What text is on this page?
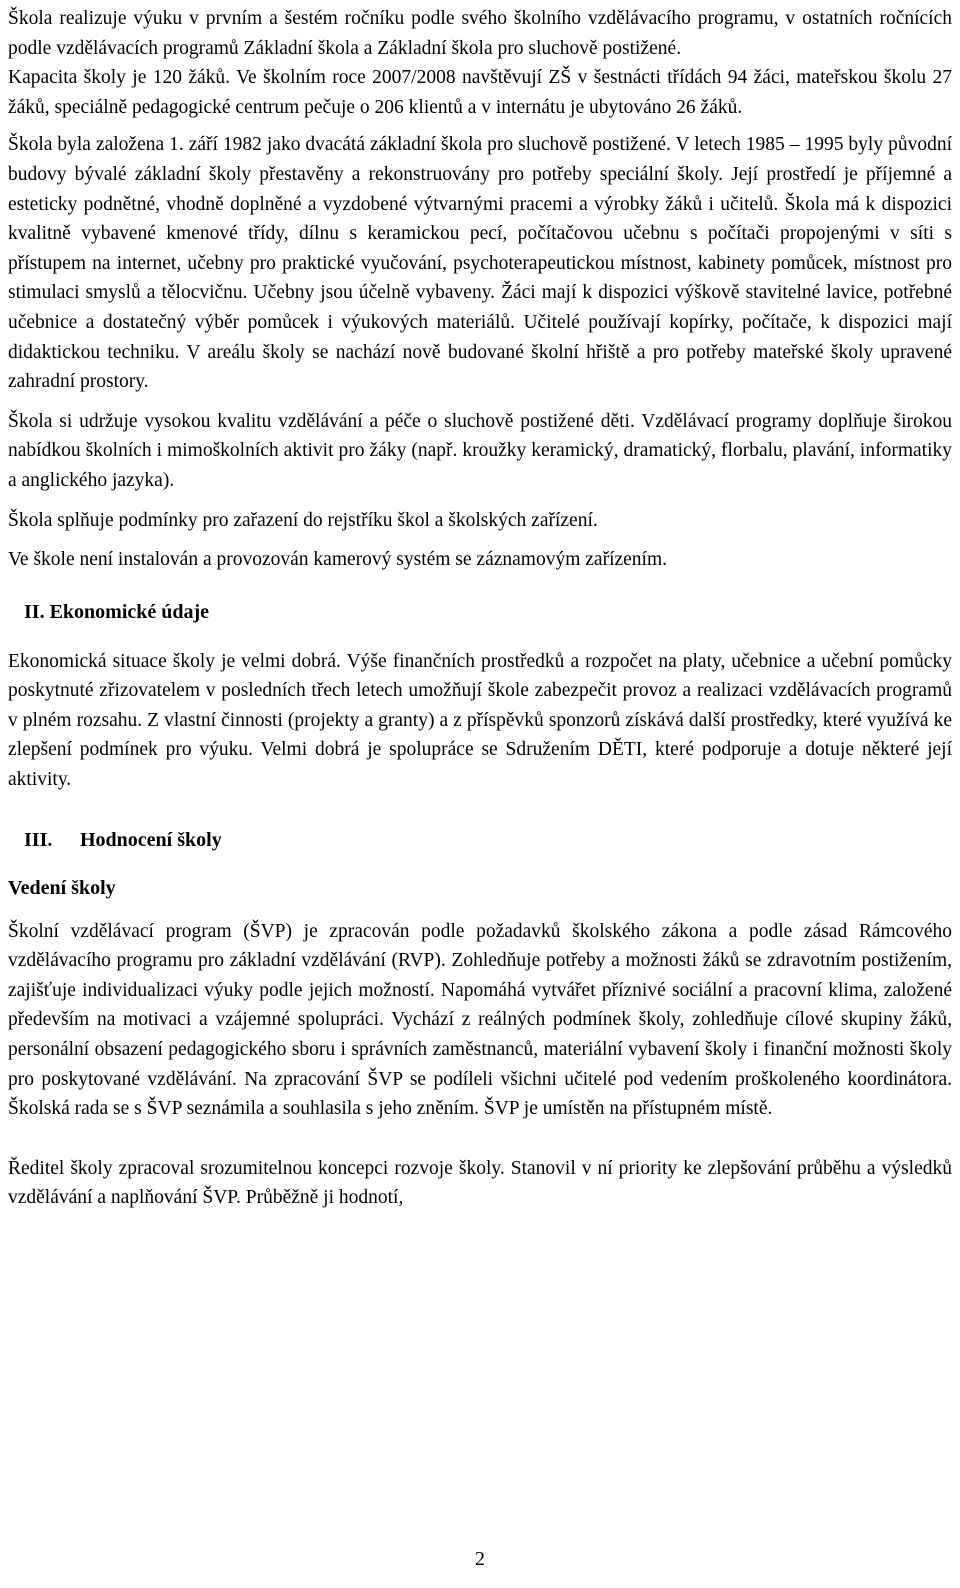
Škola realizuje výuku v prvním a šestém ročníku podle svého školního vzdělávacího programu, v ostatních ročnících podle vzdělávacích programů Základní škola a Základní škola pro sluchově postižené.

Kapacita školy je 120 žáků. Ve školním roce 2007/2008 navštěvují ZŠ v šestnácti třídách 94 žáci, mateřskou školu 27 žáků, speciálně pedagogické centrum pečuje o 206 klientů a v internátu je ubytováno 26 žáků.

Škola byla založena 1. září 1982 jako dvacátá základní škola pro sluchově postižené. V letech 1985 – 1995 byly původní budovy bývalé základní školy přestavěny a rekonstruovány pro potřeby speciální školy. Její prostředí je příjemné a esteticky podnětné, vhodně doplněné a vyzdobené výtvarnými pracemi a výrobky žáků i učitelů. Škola má k dispozici kvalitně vybavené kmenové třídy, dílnu s keramickou pecí, počítačovou učebnu s počítači propojenými v síti s přístupem na internet, učebny pro praktické vyučování, psychoterapeutickou místnost, kabinety pomůcek, místnost pro stimulaci smyslů a tělocvičnu. Učebny jsou účelně vybaveny. Žáci mají k dispozici výškově stavitelné lavice, potřebné učebnice a dostatečný výběr pomůcek i výukových materiálů. Učitelé používají kopírky, počítače, k dispozici mají didaktickou techniku. V areálu školy se nachází nově budované školní hřiště a pro potřeby mateřské školy upravené zahradní prostory.

Škola si udržuje vysokou kvalitu vzdělávání a péče o sluchově postižené děti. Vzdělávací programy doplňuje širokou nabídkou školních i mimoškolních aktivit pro žáky (např. kroužky keramický, dramatický, florbalu, plavání, informatiky a anglického jazyka).

Škola splňuje podmínky pro zařazení do rejstříku škol a školských zařízení.

Ve škole není instalován a provozován kamerový systém se záznamovým zařízením.

II. Ekonomické údaje

Ekonomická situace školy je velmi dobrá. Výše finančních prostředků a rozpočet na platy, učebnice a učební pomůcky poskytnuté zřizovatelem v posledních třech letech umožňují škole zabezpečit provoz a realizaci vzdělávacích programů v plném rozsahu. Z vlastní činnosti (projekty a granty) a z příspěvků sponzorů získává další prostředky, které využívá ke zlepšení podmínek pro výuku. Velmi dobrá je spolupráce se Sdružením DĚTI, které podporuje a dotuje některé její aktivity.

III. Hodnocení školy
Vedení školy

Školní vzdělávací program (ŠVP) je zpracován podle požadavků školského zákona a podle zásad Rámcového vzdělávacího programu pro základní vzdělávání (RVP). Zohledňuje potřeby a možnosti žáků se zdravotním postižením, zajišťuje individualizaci výuky podle jejich možností. Napomáhá vytvářet příznivé sociální a pracovní klima, založené především na motivaci a vzájemné spolupráci. Vychází z reálných podmínek školy, zohledňuje cílové skupiny žáků, personální obsazení pedagogického sboru i správních zaměstnanců, materiální vybavení školy i finanční možnosti školy pro poskytované vzdělávání. Na zpracování ŠVP se podíleli všichni učitelé pod vedením proškoleného koordinátora. Školská rada se s ŠVP seznámila a souhlasila s jeho zněním. ŠVP je umístěn na přístupném místě.

Ředitel školy zpracoval srozumitelnou koncepci rozvoje školy. Stanovil v ní priority ke zlepšování průběhu a výsledků vzdělávání a naplňování ŠVP. Průběžně ji hodnotí,

2
